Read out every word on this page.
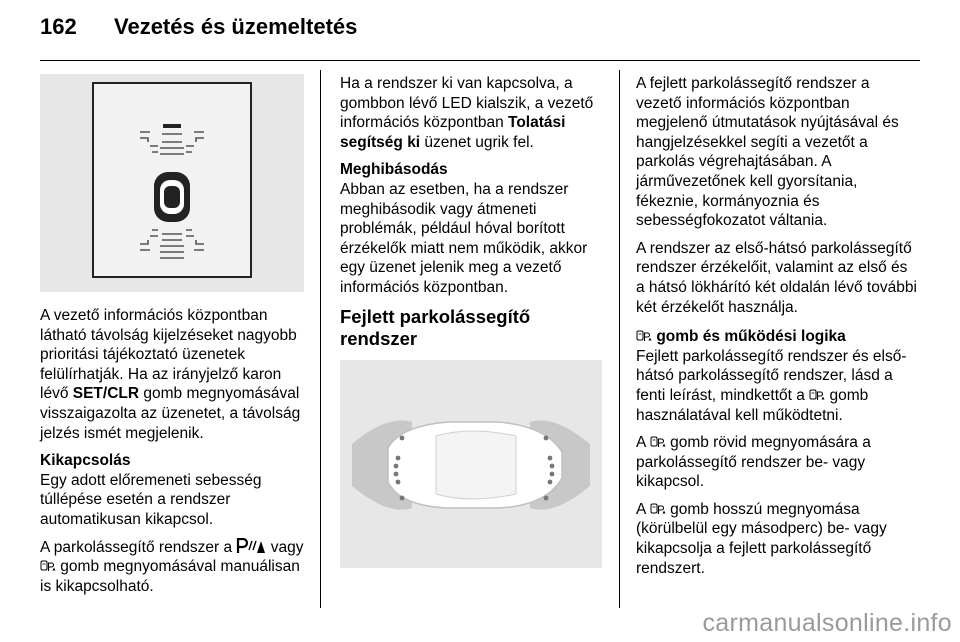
162 Vezetés és üzemeltetés

A vezető információs központban látható távolság kijelzéseket nagyobb prioritási tájékoztató üzenetek felülírhatják. Ha az irányjelző karon lévő SET/CLR gomb megnyomásával visszaigazolta az üzenetet, a távolság jelzés ismét megjelenik.

Kikapcsolás

Egy adott előremeneti sebesség túllépése esetén a rendszer automatikusan kikapcsol.

A parkolássegítő rendszer a  vagy  gomb megnyomásával manuálisan is kikapcsolható.

Ha a rendszer ki van kapcsolva, a gombbon lévő LED kialszik, a vezető információs központban Tolatási segítség ki üzenet ugrik fel.

Meghibásodás

Abban az esetben, ha a rendszer meghibásodik vagy átmeneti problémák, például hóval borított érzékelők miatt nem működik, akkor egy üzenet jelenik meg a vezető információs központban.

Fejlett parkolássegítő rendszer

A fejlett parkolássegítő rendszer a vezető információs központban megjelenő útmutatások nyújtásával és hangjelzésekkel segíti a vezetőt a parkolás végrehajtásában. A járművezetőnek kell gyorsítania, fékeznie, kormányoznia és sebességfokozatot váltania.

A rendszer az első-hátsó parkolássegítő rendszer érzékelőit, valamint az első és a hátsó lökhárító két oldalán lévő további két érzékelőt használja.

gomb és működési logika

Fejlett parkolássegítő rendszer és első-hátsó parkolássegítő rendszer, lásd a fenti leírást, mindkettőt a  gomb használatával kell működtetni.

A  gomb rövid megnyomására a parkolássegítő rendszer be- vagy kikapcsol.

A  gomb hosszú megnyomása (körülbelül egy másodperc) be- vagy kikapcsolja a fejlett parkolássegítő rendszert.

carmanualsonline.info
